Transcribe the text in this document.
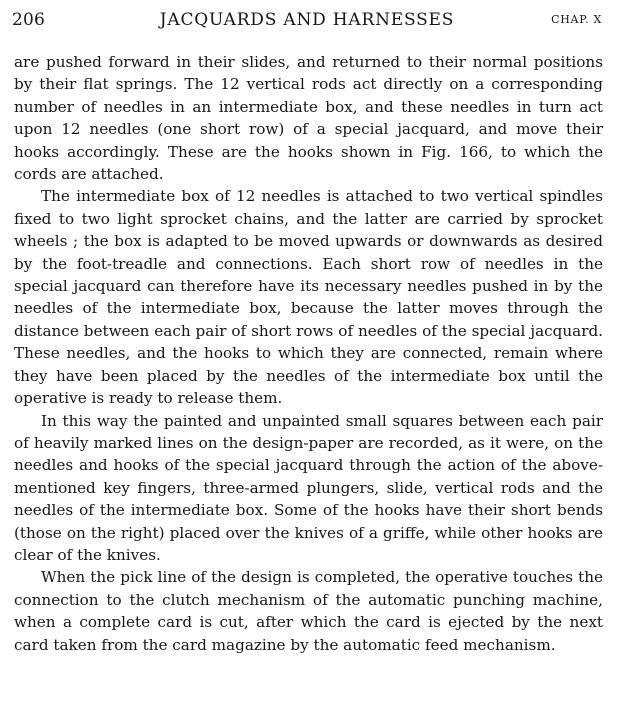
206	JACQUARDS AND HARNESSES	CHAP. X

are pushed forward in their slides, and returned to their normal positions by their flat springs. The 12 vertical rods act directly on a corresponding number of needles in an intermediate box, and these needles in turn act upon 12 needles (one short row) of a special jacquard, and move their hooks accordingly. These are the hooks shown in Fig. 166, to which the cords are attached.

The intermediate box of 12 needles is attached to two vertical spindles fixed to two light sprocket chains, and the latter are carried by sprocket wheels ; the box is adapted to be moved upwards or downwards as desired by the foot-treadle and connections. Each short row of needles in the special jacquard can therefore have its necessary needles pushed in by the needles of the intermediate box, because the latter moves through the distance between each pair of short rows of needles of the special jacquard. These needles, and the hooks to which they are connected, remain where they have been placed by the needles of the intermediate box until the operative is ready to release them.

In this way the painted and unpainted small squares between each pair of heavily marked lines on the design-paper are recorded, as it were, on the needles and hooks of the special jacquard through the action of the above-mentioned key fingers, three-armed plungers, slide, vertical rods and the needles of the intermediate box. Some of the hooks have their short bends (those on the right) placed over the knives of a griffe, while other hooks are clear of the knives.

When the pick line of the design is completed, the operative touches the connection to the clutch mechanism of the automatic punching machine, when a complete card is cut, after which the card is ejected by the next card taken from the card magazine by the automatic feed mechanism.
